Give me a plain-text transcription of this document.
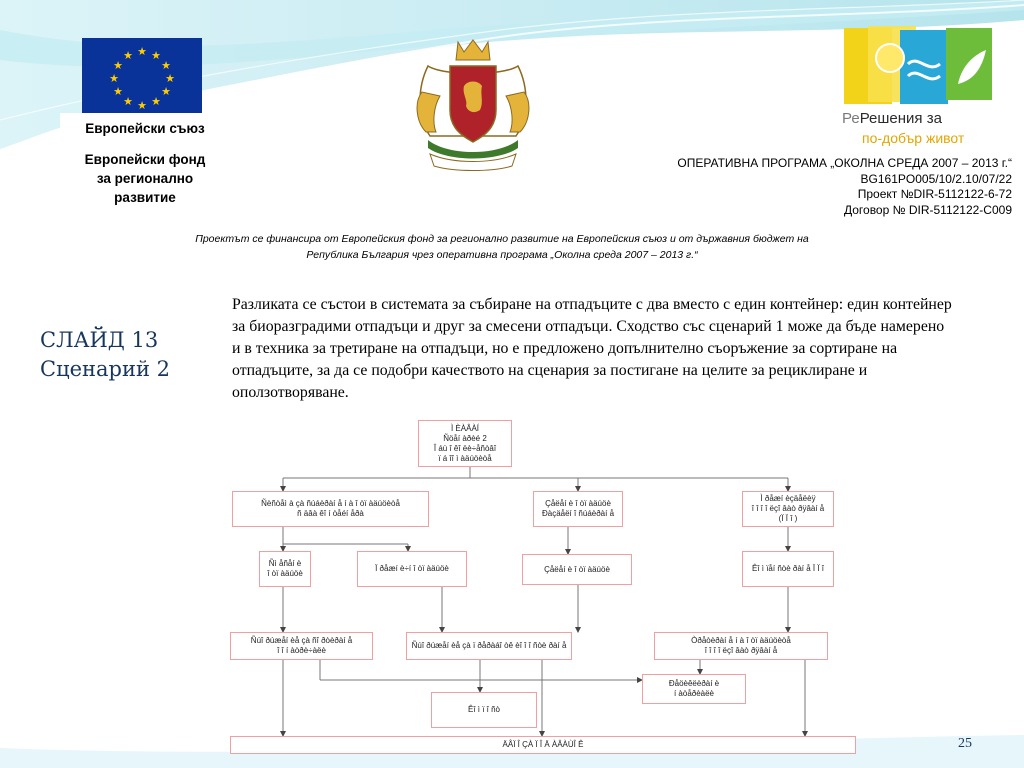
★ ★
★
★
★
★
★
★
★
★
★
★
Европейски съюз
Европейски фонд
за регионално
развитие
РеРешения за
по-добър живот
ОПЕРАТИВНА ПРОГРАМА „ОКОЛНА СРЕДА 2007 – 2013 г.“
BG161PO005/10/2.10/07/22
Проект №DIR-5112122-6-72
Договор № DIR-5112122-С009
Проектът се финансира от Европейския фонд за регионално развитие на Европейския съюз и от държавния бюджет на
Република България чрез оперативна програма „Околна среда 2007 – 2013 г.“
СЛАЙД 13
Сценарий 2
Разликата се състои в системата за събиране на отпадъците с два вместо с един контейнер: един контейнер за биоразградими отпадъци и друг за смесени отпадъци. Сходство със сценарий 1 може да бъде намерено и в техника за третиране на отпадъци, но е предложено допълнително съоръжение за сортиране на отпадъците, за да се подобри качеството на сценария за постигане на целите за рециклиране и оползотворяване.
Ì ÈÀÂÀÍ
Ñöåí àðèé 2
Î áù î êî ëè÷åñòâî
ï á îî ì àäúöèòå
Ñèñòåì à çà ñúáèðàí å í à î òï àäúöèòå
ñ äâà êî í òåéí åðà
Çåëåí è î òï àäúöè
Ðàçäåëí î ñúáèðàí å
Ì ðåæí èçäåëèÿ
î î î î ëçî âàò ðÿâàí å
(Ï Ï î )
Ñì åñåí è
î òï àäúöè
Ï ðåæí è÷í î òï àäúöè	Çåëåí è î òï àäúöè	Êî ì ïåí ñòè ðàí å Ï Ï î
Ñúî ðúæåí èå çà ñî ðòèðàí å
î î í àòðè÷àëè
Ñúî ðúæåí èå çà ï ðåðàáî òê èî î î ñòè ðàí å
Òðåòèðàí å í à î òï àäúöèòå
î î î î ëçî âàò ðÿâàí å
Ðåöèêëèðàí è
í àòåðèàëè
Êî ì ï î ñò
ÄÅÏ Î ÇÀ Ï Î Ä ÀÂÀÙÎ Ê	25
